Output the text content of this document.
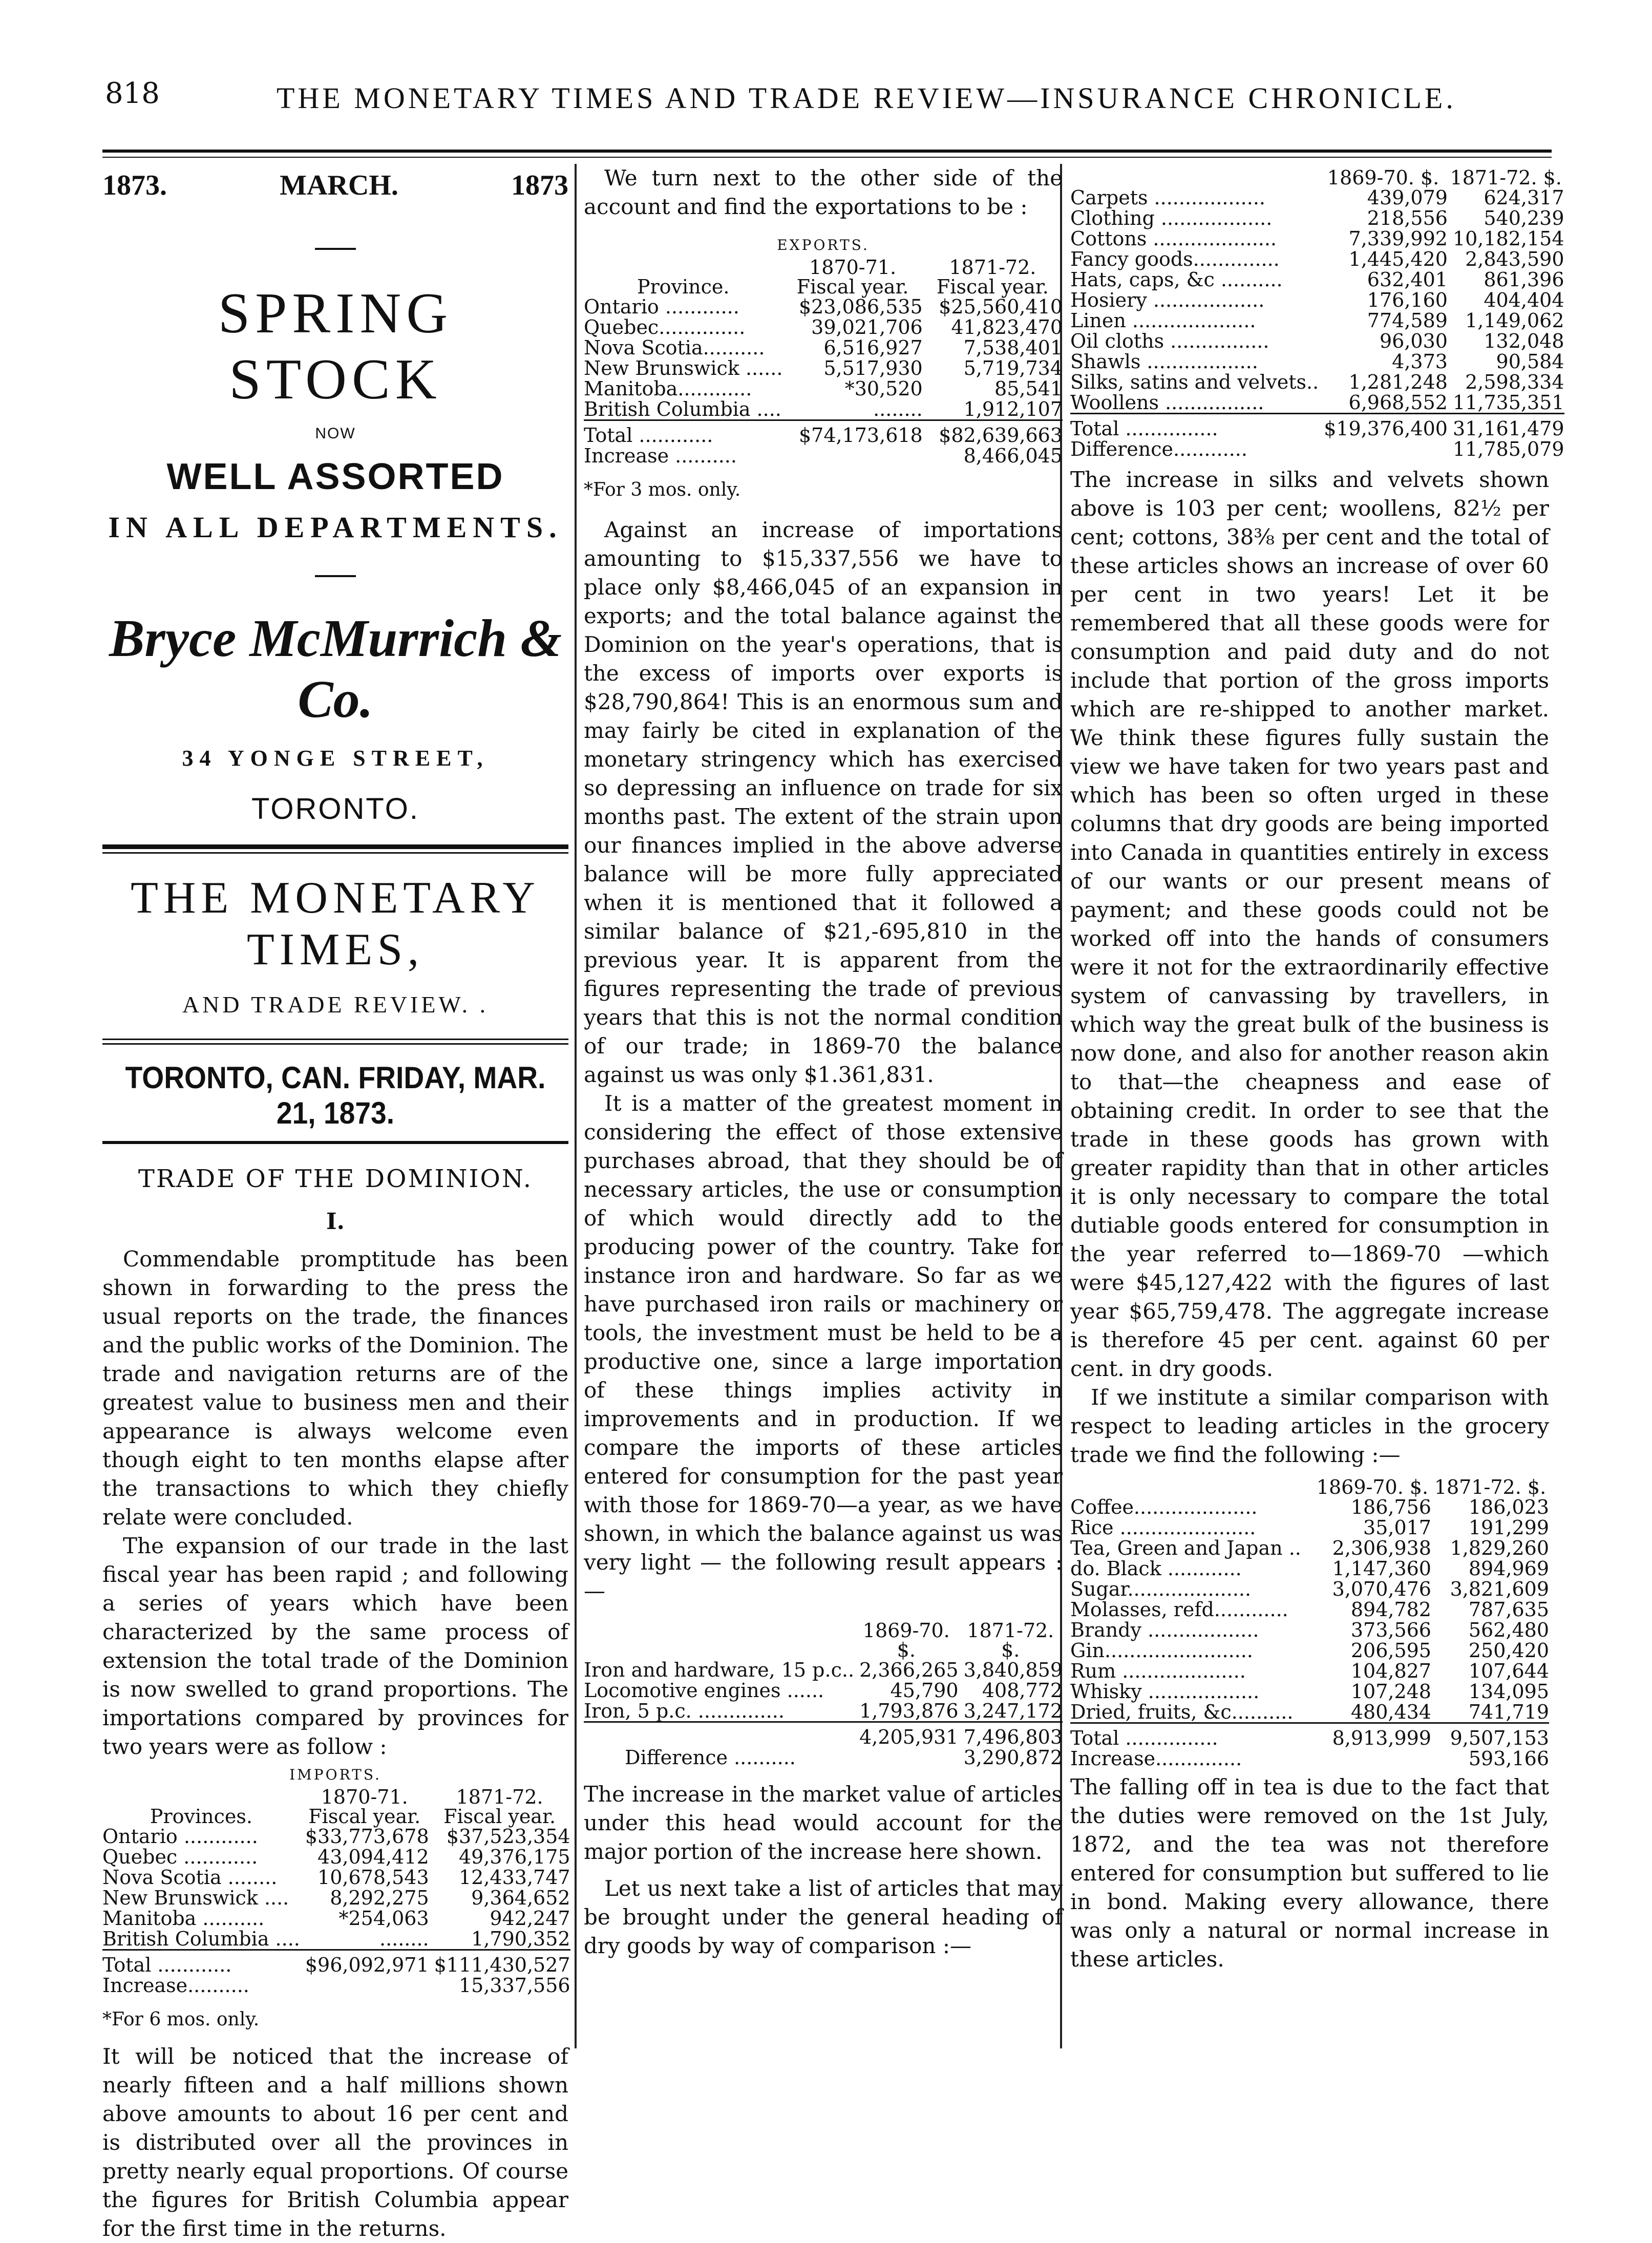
818	THE MONETARY TIMES AND TRADE REVIEW—INSURANCE CHRONICLE.
1873.	MARCH.	1873
SPRING STOCK
NOW
WELL ASSORTED
IN ALL DEPARTMENTS.
Bryce McMurrich & Co.
34 YONGE STREET,
TORONTO.
THE MONETARY TIMES,
AND TRADE REVIEW. .
TORONTO, CAN. FRIDAY, MAR. 21, 1873.
TRADE OF THE DOMINION.
I.

Commendable promptitude has been shown in forwarding to the press the usual reports on the trade, the finances and the public works of the Dominion. The trade and navigation returns are of the greatest value to business men and their appearance is always welcome even though eight to ten months elapse after the transactions to which they chiefly relate were concluded.

The expansion of our trade in the last fiscal year has been rapid ; and following a series of years which have been characterized by the same process of extension the total trade of the Dominion is now swelled to grand proportions. The importations compared by provinces for two years were as follow :

IMPORTS.
Provinces.	1870-71. Fiscal year.	1871-72. Fiscal year.
Ontario ............	$33,773,678	$37,523,354
Quebec ............	43,094,412	49,376,175
Nova Scotia ........	10,678,543	12,433,747
New Brunswick ....	8,292,275	9,364,652
Manitoba ..........	*254,063	942,247
British Columbia ....	........	1,790,352
Total ............	$96,092,971	$111,430,527
Increase..........		15,337,556
*For 6 mos. only.

It will be noticed that the increase of nearly fifteen and a half millions shown above amounts to about 16 per cent and is distributed over all the provinces in pretty nearly equal proportions. Of course the figures for British Columbia appear for the first time in the returns.

We turn next to the other side of the account and find the exportations to be :

EXPORTS.
Province.	1870-71. Fiscal year.	1871-72. Fiscal year.
Ontario ............	$23,086,535	$25,560,410
Quebec..............	39,021,706	41,823,470
Nova Scotia..........	6,516,927	7,538,401
New Brunswick ......	5,517,930	5,719,734
Manitoba............	*30,520	85,541
British Columbia ....	........	1,912,107
Total ............	$74,173,618	$82,639,663
Increase ..........		8,466,045
*For 3 mos. only.

Against an increase of importations amounting to $15,337,556 we have to place only $8,466,045 of an expansion in exports; and the total balance against the Dominion on the year's operations, that is the excess of imports over exports is $28,790,864! This is an enormous sum and may fairly be cited in explanation of the monetary stringency which has exercised so depressing an influence on trade for six months past. The extent of the strain upon our finances implied in the above adverse balance will be more fully appreciated when it is mentioned that it followed a similar balance of $21,-695,810 in the previous year. It is apparent from the figures representing the trade of previous years that this is not the normal condition of our trade; in 1869-70 the balance against us was only $1.361,831.

It is a matter of the greatest moment in considering the effect of those extensive purchases abroad, that they should be of necessary articles, the use or consumption of which would directly add to the producing power of the country. Take for instance iron and hardware. So far as we have purchased iron rails or machinery or tools, the investment must be held to be a productive one, since a large importation of these things implies activity in improvements and in production. If we compare the imports of these articles entered for consumption for the past year with those for 1869-70—a year, as we have shown, in which the balance against us was very light — the following result appears :—

	1869-70. $.	1871-72. $.
Iron and hardware, 15 p.c..	2,366,265	3,840,859
Locomotive engines ......	45,790	408,772
Iron, 5 p.c. ..............	1,793,876	3,247,172
	4,205,931	7,496,803
Difference ..........		3,290,872

The increase in the market value of articles under this head would account for the major portion of the increase here shown.

Let us next take a list of articles that may be brought under the general heading of dry goods by way of comparison :—

	1869-70. $.	1871-72. $.
Carpets ..................	439,079	624,317
Clothing ..................	218,556	540,239
Cottons ....................	7,339,992	10,182,154
Fancy goods..............	1,445,420	2,843,590
Hats, caps, &c ..........	632,401	861,396
Hosiery ..................	176,160	404,404
Linen ....................	774,589	1,149,062
Oil cloths ................	96,030	132,048
Shawls ..................	4,373	90,584
Silks, satins and velvets..	1,281,248	2,598,334
Woollens ................	6,968,552	11,735,351
Total ...............	$19,376,400	31,161,479
Difference............		11,785,079

The increase in silks and velvets shown above is 103 per cent; woollens, 82½ per cent; cottons, 38⅜ per cent and the total of these articles shows an increase of over 60 per cent in two years! Let it be remembered that all these goods were for consumption and paid duty and do not include that portion of the gross imports which are re-shipped to another market. We think these figures fully sustain the view we have taken for two years past and which has been so often urged in these columns that dry goods are being imported into Canada in quantities entirely in excess of our wants or our present means of payment; and these goods could not be worked off into the hands of consumers were it not for the extraordinarily effective system of canvassing by travellers, in which way the great bulk of the business is now done, and also for another reason akin to that—the cheapness and ease of obtaining credit. In order to see that the trade in these goods has grown with greater rapidity than that in other articles it is only necessary to compare the total dutiable goods entered for consumption in the year referred to—1869-70 —which were $45,127,422 with the figures of last year $65,759,478. The aggregate increase is therefore 45 per cent. against 60 per cent. in dry goods.

If we institute a similar comparison with respect to leading articles in the grocery trade we find the following :—

	1869-70. $.	1871-72. $.
Coffee....................	186,756	186,023
Rice ......................	35,017	191,299
Tea, Green and Japan ..	2,306,938	1,829,260
do. Black ............	1,147,360	894,969
Sugar....................	3,070,476	3,821,609
Molasses, refd............	894,782	787,635
Brandy ..................	373,566	562,480
Gin........................	206,595	250,420
Rum ....................	104,827	107,644
Whisky ..................	107,248	134,095
Dried, fruits, &c..........	480,434	741,719
Total ...............	8,913,999	9,507,153
Increase..............		593,166

The falling off in tea is due to the fact that the duties were removed on the 1st July, 1872, and the tea was not therefore entered for consumption but suffered to lie in bond. Making every allowance, there was only a natural or normal increase in these articles.
